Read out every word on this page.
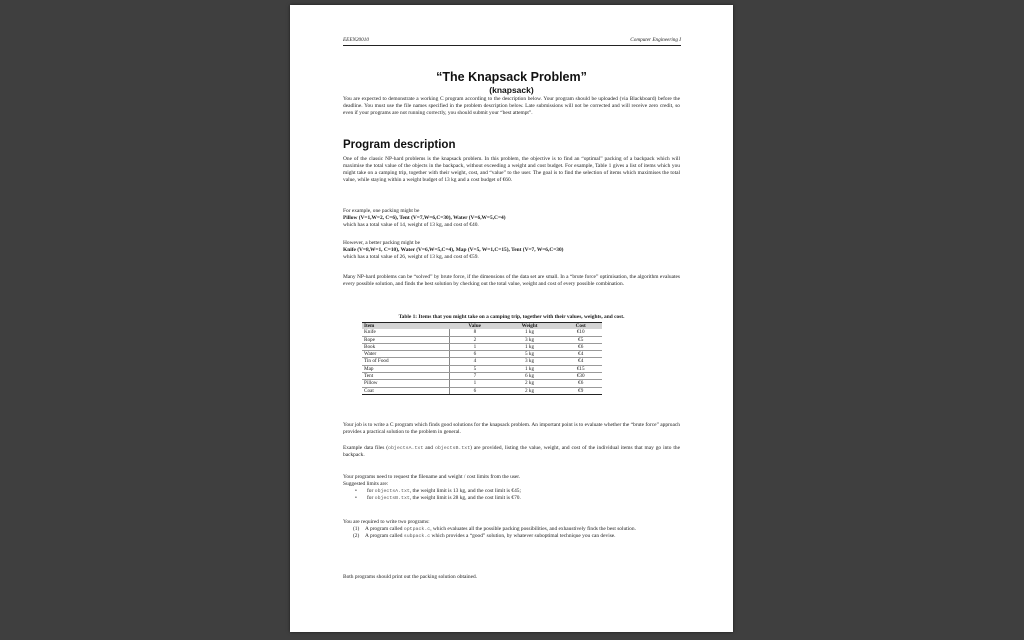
EEEN20010	Computer Engineering I
“The Knapsack Problem”
(knapsack)

You are expected to demonstrate a working C program according to the description below. Your program should be uploaded (via Blackboard) before the deadline. You must use the file names specified in the problem description below. Late submissions will not be corrected and will receive zero credit, so even if your programs are not running correctly, you should submit your “best attempt”.

Program description

One of the classic NP-hard problems is the knapsack problem. In this problem, the objective is to find an “optimal” packing of a backpack which will maximise the total value of the objects in the backpack, without exceeding a weight and cost budget. For example, Table 1 gives a list of items which you might take on a camping trip, together with their weight, cost, and “value” to the user. The goal is to find the selection of items which maximises the total value, while staying within a weight budget of 13 kg and a cost budget of €60.

For example, one packing might be

Pillow (V=1,W=2, C=6), Tent (V=7,W=6,C=30), Water (V=6,W=5,C=4)

which has a total value of 14, weight of 13 kg, and cost of €40.

However, a better packing might be

Knife (V=8,W=1, C=10), Water (V=6,W=5,C=4), Map (V=5, W=1,C=15), Tent (V=7, W=6,C=30)

which has a total value of 26, weight of 13 kg, and cost of €59.

Many NP-hard problems can be “solved” by brute force, if the dimensions of the data set are small. In a “brute force” optimisation, the algorithm evaluates every possible solution, and finds the best solution by checking out the total value, weight and cost of every possible combination.

Table 1: Items that you might take on a camping trip, together with their values, weights, and cost.
Item	Value	Weight	Cost
Knife	8	1 kg	€10
Rope	2	3 kg	€5
Book	1	1 kg	€6
Water	6	5 kg	€4
Tin of Food	4	3 kg	€4
Map	5	1 kg	€15
Tent	7	6 kg	€30
Pillow	1	2 kg	€6
Coat	6	2 kg	€9

Your job is to write a C program which finds good solutions for the knapsack problem. An important point is to evaluate whether the “brute force” approach provides a practical solution to the problem in general.

Example data files (objectsA.txt and objectsB.txt) are provided, listing the value, weight, and cost of the individual items that may go into the backpack.

Your programs need to request the filename and weight / cost limits from the user.

Suggested limits are:

• for objectsA.txt, the weight limit is 13 kg, and the cost limit is €45;
• for objectsB.txt, the weight limit is 28 kg, and the cost limit is €70.

You are required to write two programs:

(1) A program called optpack.c, which evaluates all the possible packing possibilities, and exhaustively finds the best solution.
(2) A program called subpack.c which provides a “good” solution, by whatever suboptimal technique you can devise.

Both programs should print out the packing solution obtained.
